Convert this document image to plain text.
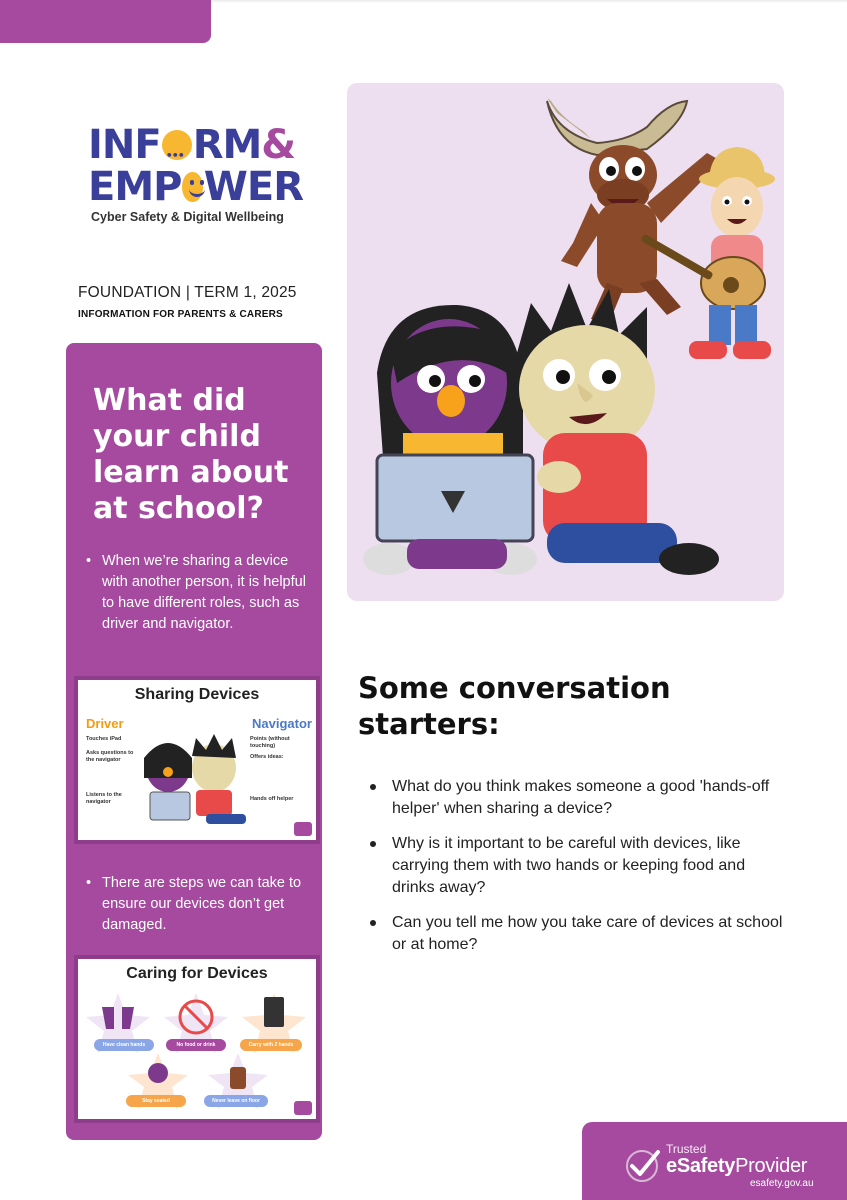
INF
••• RM &
EMP WER
Cyber Safety & Digital Wellbeing
FOUNDATION | TERM 1, 2025
INFORMATION FOR PARENTS & CARERS
What did your child learn about at school?
• When we’re sharing a device with another person, it is helpful to have different roles, such as driver and navigator.
Sharing Devices
Driver	Navigator
Touches iPad
Asks questions to the navigator
Listens to the navigator
Points (without touching)
Offers ideas:
Hands off helper
• There are steps we can take to ensure our devices don’t get damaged.
Caring for Devices
Have clean hands	No food or drink	Carry with 2 hands
Stay seated	Never leave on floor
Some conversation starters:
What do you think makes someone a good 'hands-off helper' when sharing a device?
Why is it important to be careful with devices, like carrying them with two hands or keeping food and drinks away?
Can you tell me how you take care of devices at school or at home?
Trusted
eSafetyProvider
esafety.gov.au
